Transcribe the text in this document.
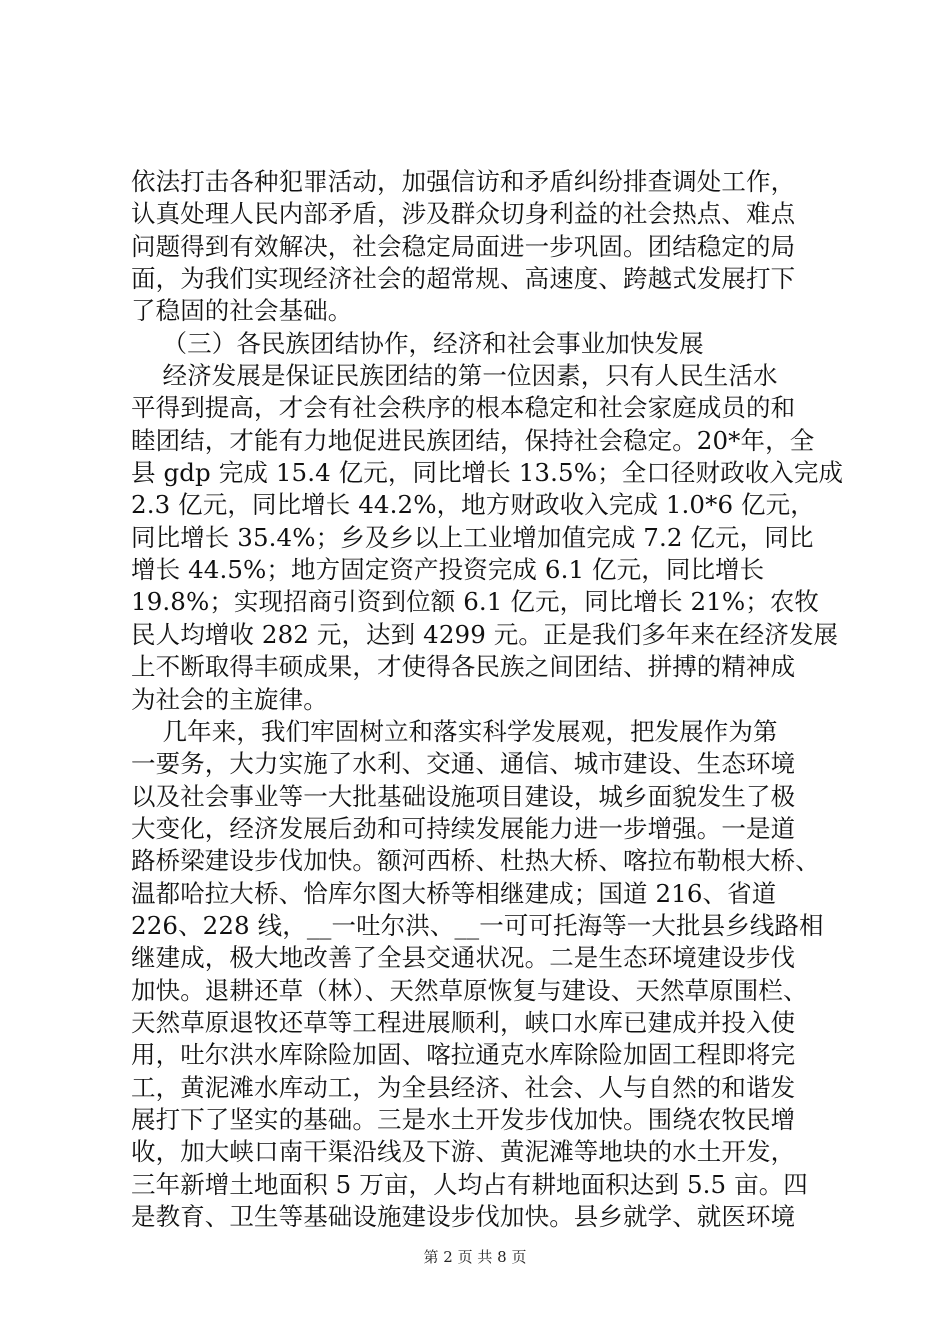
依法打击各种犯罪活动，加强信访和矛盾纠纷排查调处工作，
认真处理人民内部矛盾，涉及群众切身利益的社会热点、难点
问题得到有效解决，社会稳定局面进一步巩固。团结稳定的局
面，为我们实现经济社会的超常规、高速度、跨越式发展打下
了稳固的社会基础。
（三）各民族团结协作，经济和社会事业加快发展
经济发展是保证民族团结的第一位因素，只有人民生活水
平得到提高，才会有社会秩序的根本稳定和社会家庭成员的和
睦团结，才能有力地促进民族团结，保持社会稳定。20*年，全
县 gdp 完成 15.4 亿元，同比增长 13.5%；全口径财政收入完成
2.3 亿元，同比增长 44.2%，地方财政收入完成 1.0*6 亿元，
同比增长 35.4%；乡及乡以上工业增加值完成 7.2 亿元，同比
增长 44.5%；地方固定资产投资完成 6.1 亿元，同比增长
19.8%；实现招商引资到位额 6.1 亿元，同比增长 21%；农牧
民人均增收 282 元，达到 4299 元。正是我们多年来在经济发展
上不断取得丰硕成果，才使得各民族之间团结、拼搏的精神成
为社会的主旋律。
几年来，我们牢固树立和落实科学发展观，把发展作为第
一要务，大力实施了水利、交通、通信、城市建设、生态环境
以及社会事业等一大批基础设施项目建设，城乡面貌发生了极
大变化，经济发展后劲和可持续发展能力进一步增强。一是道
路桥梁建设步伐加快。额河西桥、杜热大桥、喀拉布勒根大桥、
温都哈拉大桥、恰库尔图大桥等相继建成；国道 216、省道
226、228 线，__一吐尔洪、__一可可托海等一大批县乡线路相
继建成，极大地改善了全县交通状况。二是生态环境建设步伐
加快。退耕还草（林）、天然草原恢复与建设、天然草原围栏、
天然草原退牧还草等工程进展顺利，峡口水库已建成并投入使
用，吐尔洪水库除险加固、喀拉通克水库除险加固工程即将完
工，黄泥滩水库动工，为全县经济、社会、人与自然的和谐发
展打下了坚实的基础。三是水土开发步伐加快。围绕农牧民增
收，加大峡口南干渠沿线及下游、黄泥滩等地块的水土开发，
三年新增土地面积 5 万亩，人均占有耕地面积达到 5.5 亩。四
是教育、卫生等基础设施建设步伐加快。县乡就学、就医环境
第 2 页 共 8 页
